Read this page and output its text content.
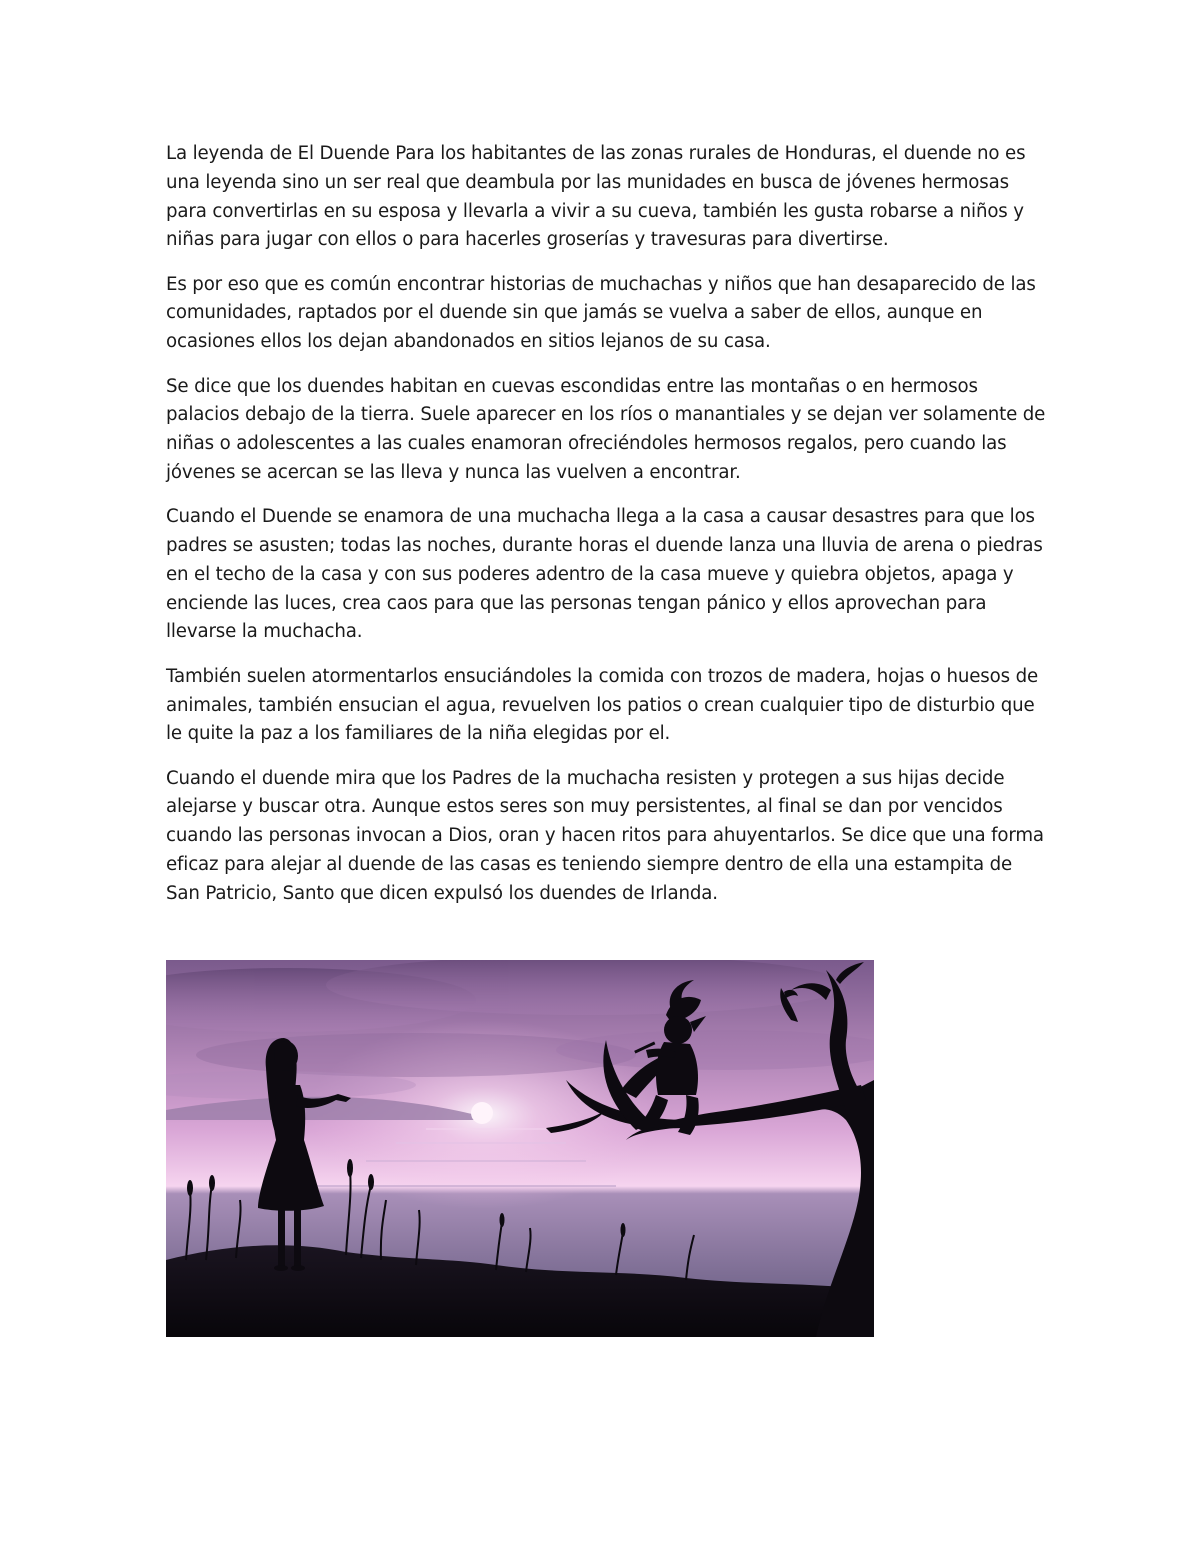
La leyenda de El Duende Para los habitantes de las zonas rurales de Honduras, el duende no es una leyenda sino un ser real que deambula por las munidades en busca de jóvenes hermosas para convertirlas en su esposa y llevarla a vivir a su cueva, también les gusta robarse a niños y niñas para jugar con ellos o para hacerles groserías y travesuras para divertirse.

Es por eso que es común encontrar historias de muchachas y niños que han desaparecido de las comunidades, raptados por el duende sin que jamás se vuelva a saber de ellos, aunque en ocasiones ellos los dejan abandonados en sitios lejanos de su casa.

Se dice que los duendes habitan en cuevas escondidas entre las montañas o en hermosos palacios debajo de la tierra. Suele aparecer en los ríos o manantiales y se dejan ver solamente de niñas o adolescentes a las cuales enamoran ofreciéndoles hermosos regalos, pero cuando las jóvenes se acercan se las lleva y nunca las vuelven a encontrar.

Cuando el Duende se enamora de una muchacha llega a la casa a causar desastres para que los padres se asusten; todas las noches, durante horas el duende lanza una lluvia de arena o piedras en el techo de la casa y con sus poderes adentro de la casa mueve y quiebra objetos, apaga y enciende las luces, crea caos para que las personas tengan pánico y ellos aprovechan para llevarse la muchacha.

También suelen atormentarlos ensuciándoles la comida con trozos de madera, hojas o huesos de animales, también ensucian el agua, revuelven los patios o crean cualquier tipo de disturbio que le quite la paz a los familiares de la niña elegidas por el.

Cuando el duende mira que los Padres de la muchacha resisten y protegen a sus hijas decide alejarse y buscar otra. Aunque estos seres son muy persistentes, al final se dan por vencidos cuando las personas invocan a Dios, oran y hacen ritos para ahuyentarlos. Se dice que una forma eficaz para alejar al duende de las casas es teniendo siempre dentro de ella una estampita de San Patricio, Santo que dicen expulsó los duendes de Irlanda.
